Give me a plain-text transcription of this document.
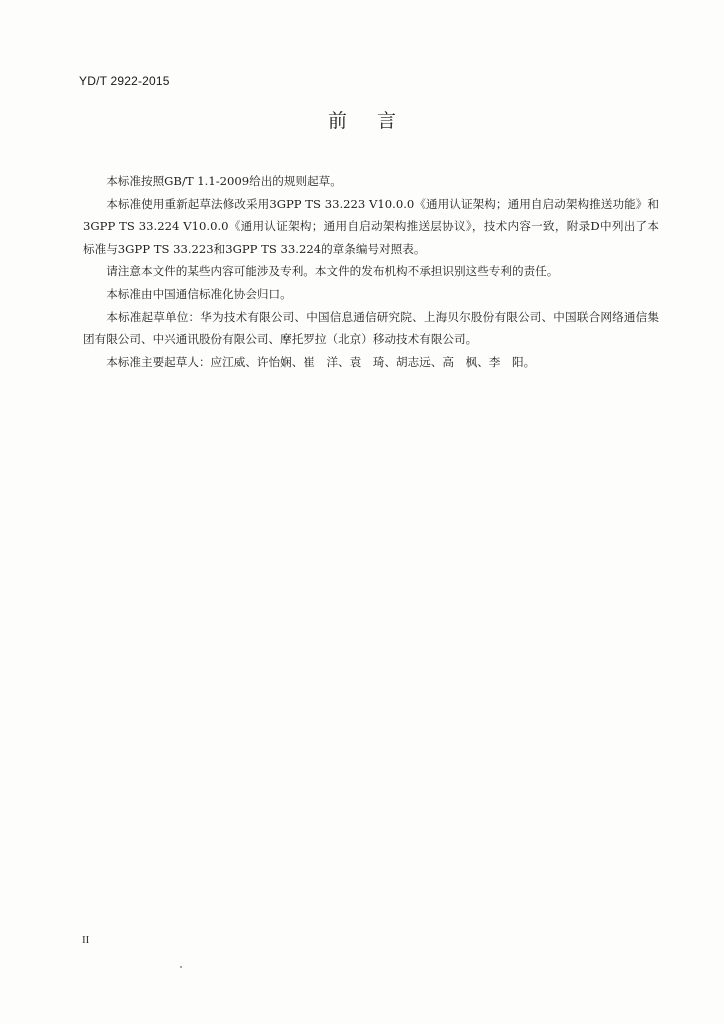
YD/T 2922-2015
前言

本标准按照GB/T 1.1-2009给出的规则起草。

本标准使用重新起草法修改采用3GPP TS 33.223 V10.0.0《通用认证架构；通用自启动架构推送功能》和3GPP TS 33.224 V10.0.0《通用认证架构；通用自启动架构推送层协议》，技术内容一致，附录D中列出了本标准与3GPP TS 33.223和3GPP TS 33.224的章条编号对照表。

请注意本文件的某些内容可能涉及专利。本文件的发布机构不承担识别这些专利的责任。

本标准由中国通信标准化协会归口。

本标准起草单位：华为技术有限公司、中国信息通信研究院、上海贝尔股份有限公司、中国联合网络通信集团有限公司、中兴通讯股份有限公司、摩托罗拉（北京）移动技术有限公司。

本标准主要起草人：应江威、许怡娴、崔　洋、袁　琦、胡志远、高　枫、李　阳。

II
